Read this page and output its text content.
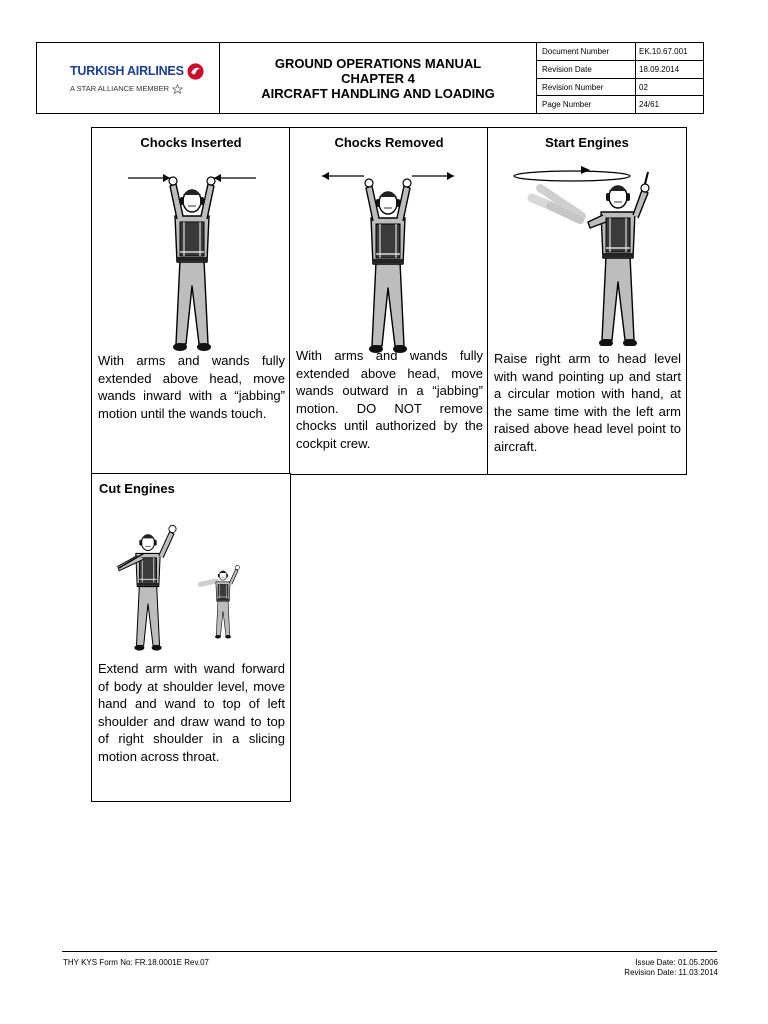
TURKISH AIRLINES
A STAR ALLIANCE MEMBER
GROUND OPERATIONS MANUAL
CHAPTER 4
AIRCRAFT HANDLING AND LOADING
Document Number	EK.10.67.001
Revision Date	18.09.2014
Revision Number	02
Page Number	24/61
Chocks Inserted
With arms and wands fully extended above head, move wands inward with a “jabbing” motion until the wands touch.
Chocks Removed
With arms and wands fully extended above head, move wands outward in a “jabbing” motion. DO NOT remove chocks until authorized by the cockpit crew.
Start Engines
Raise right arm to head level with wand pointing up and start a circular motion with hand, at the same time with the left arm raised above head level point to aircraft.
Cut Engines
Extend arm with wand forward of body at shoulder level, move hand and wand to top of left shoulder and draw wand to top of right shoulder in a slicing motion across throat.
THY KYS Form No: FR.18.0001E Rev.07	Issue Date: 01.05.2006
Revision Date: 11.03.2014
